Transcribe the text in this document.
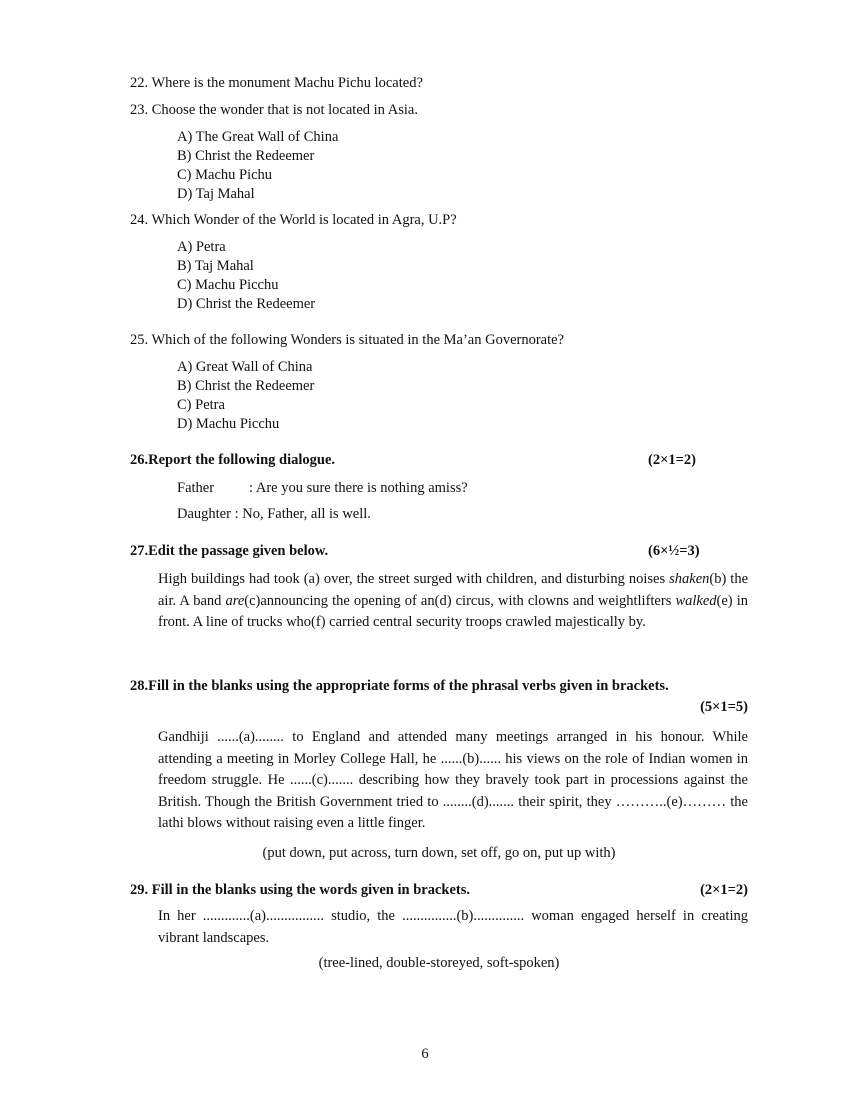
22. Where is the monument Machu Pichu located?
23. Choose the wonder that is not located in Asia.
A) The Great Wall of China
B) Christ the Redeemer
C) Machu Pichu
D) Taj Mahal
24. Which Wonder of the World is located in Agra, U.P?
A) Petra
B) Taj Mahal
C) Machu Picchu
D) Christ the Redeemer
25. Which of the following Wonders is situated in the Ma’an Governorate?
A) Great Wall of China
B) Christ the Redeemer
C) Petra
D) Machu Picchu
26.Report the following dialogue.	(2×1=2)
Father : Are you sure there is nothing amiss?
Daughter : No, Father, all is well.
27.Edit the passage given below.	(6×½=3)
High buildings had took (a) over, the street surged with children, and disturbing noises shaken(b) the air. A band are(c)announcing the opening of an(d) circus, with clowns and weightlifters walked(e) in front. A line of trucks who(f) carried central security troops crawled majestically by.
28.Fill in the blanks using the appropriate forms of the phrasal verbs given in brackets.
(5×1=5)
Gandhiji ......(a)........ to England and attended many meetings arranged in his honour. While attending a meeting in Morley College Hall, he ......(b)...... his views on the role of Indian women in freedom struggle. He ......(c)....... describing how they bravely took part in processions against the British. Though the British Government tried to ........(d)....... their spirit, they ………..(e)……… the lathi blows without raising even a little finger.
(put down, put across, turn down, set off, go on, put up with)
29. Fill in the blanks using the words given in brackets.	(2×1=2)
In her .............(a)................ studio, the ...............(b).............. woman engaged herself in creating vibrant landscapes.
(tree-lined, double-storeyed, soft-spoken)
6
